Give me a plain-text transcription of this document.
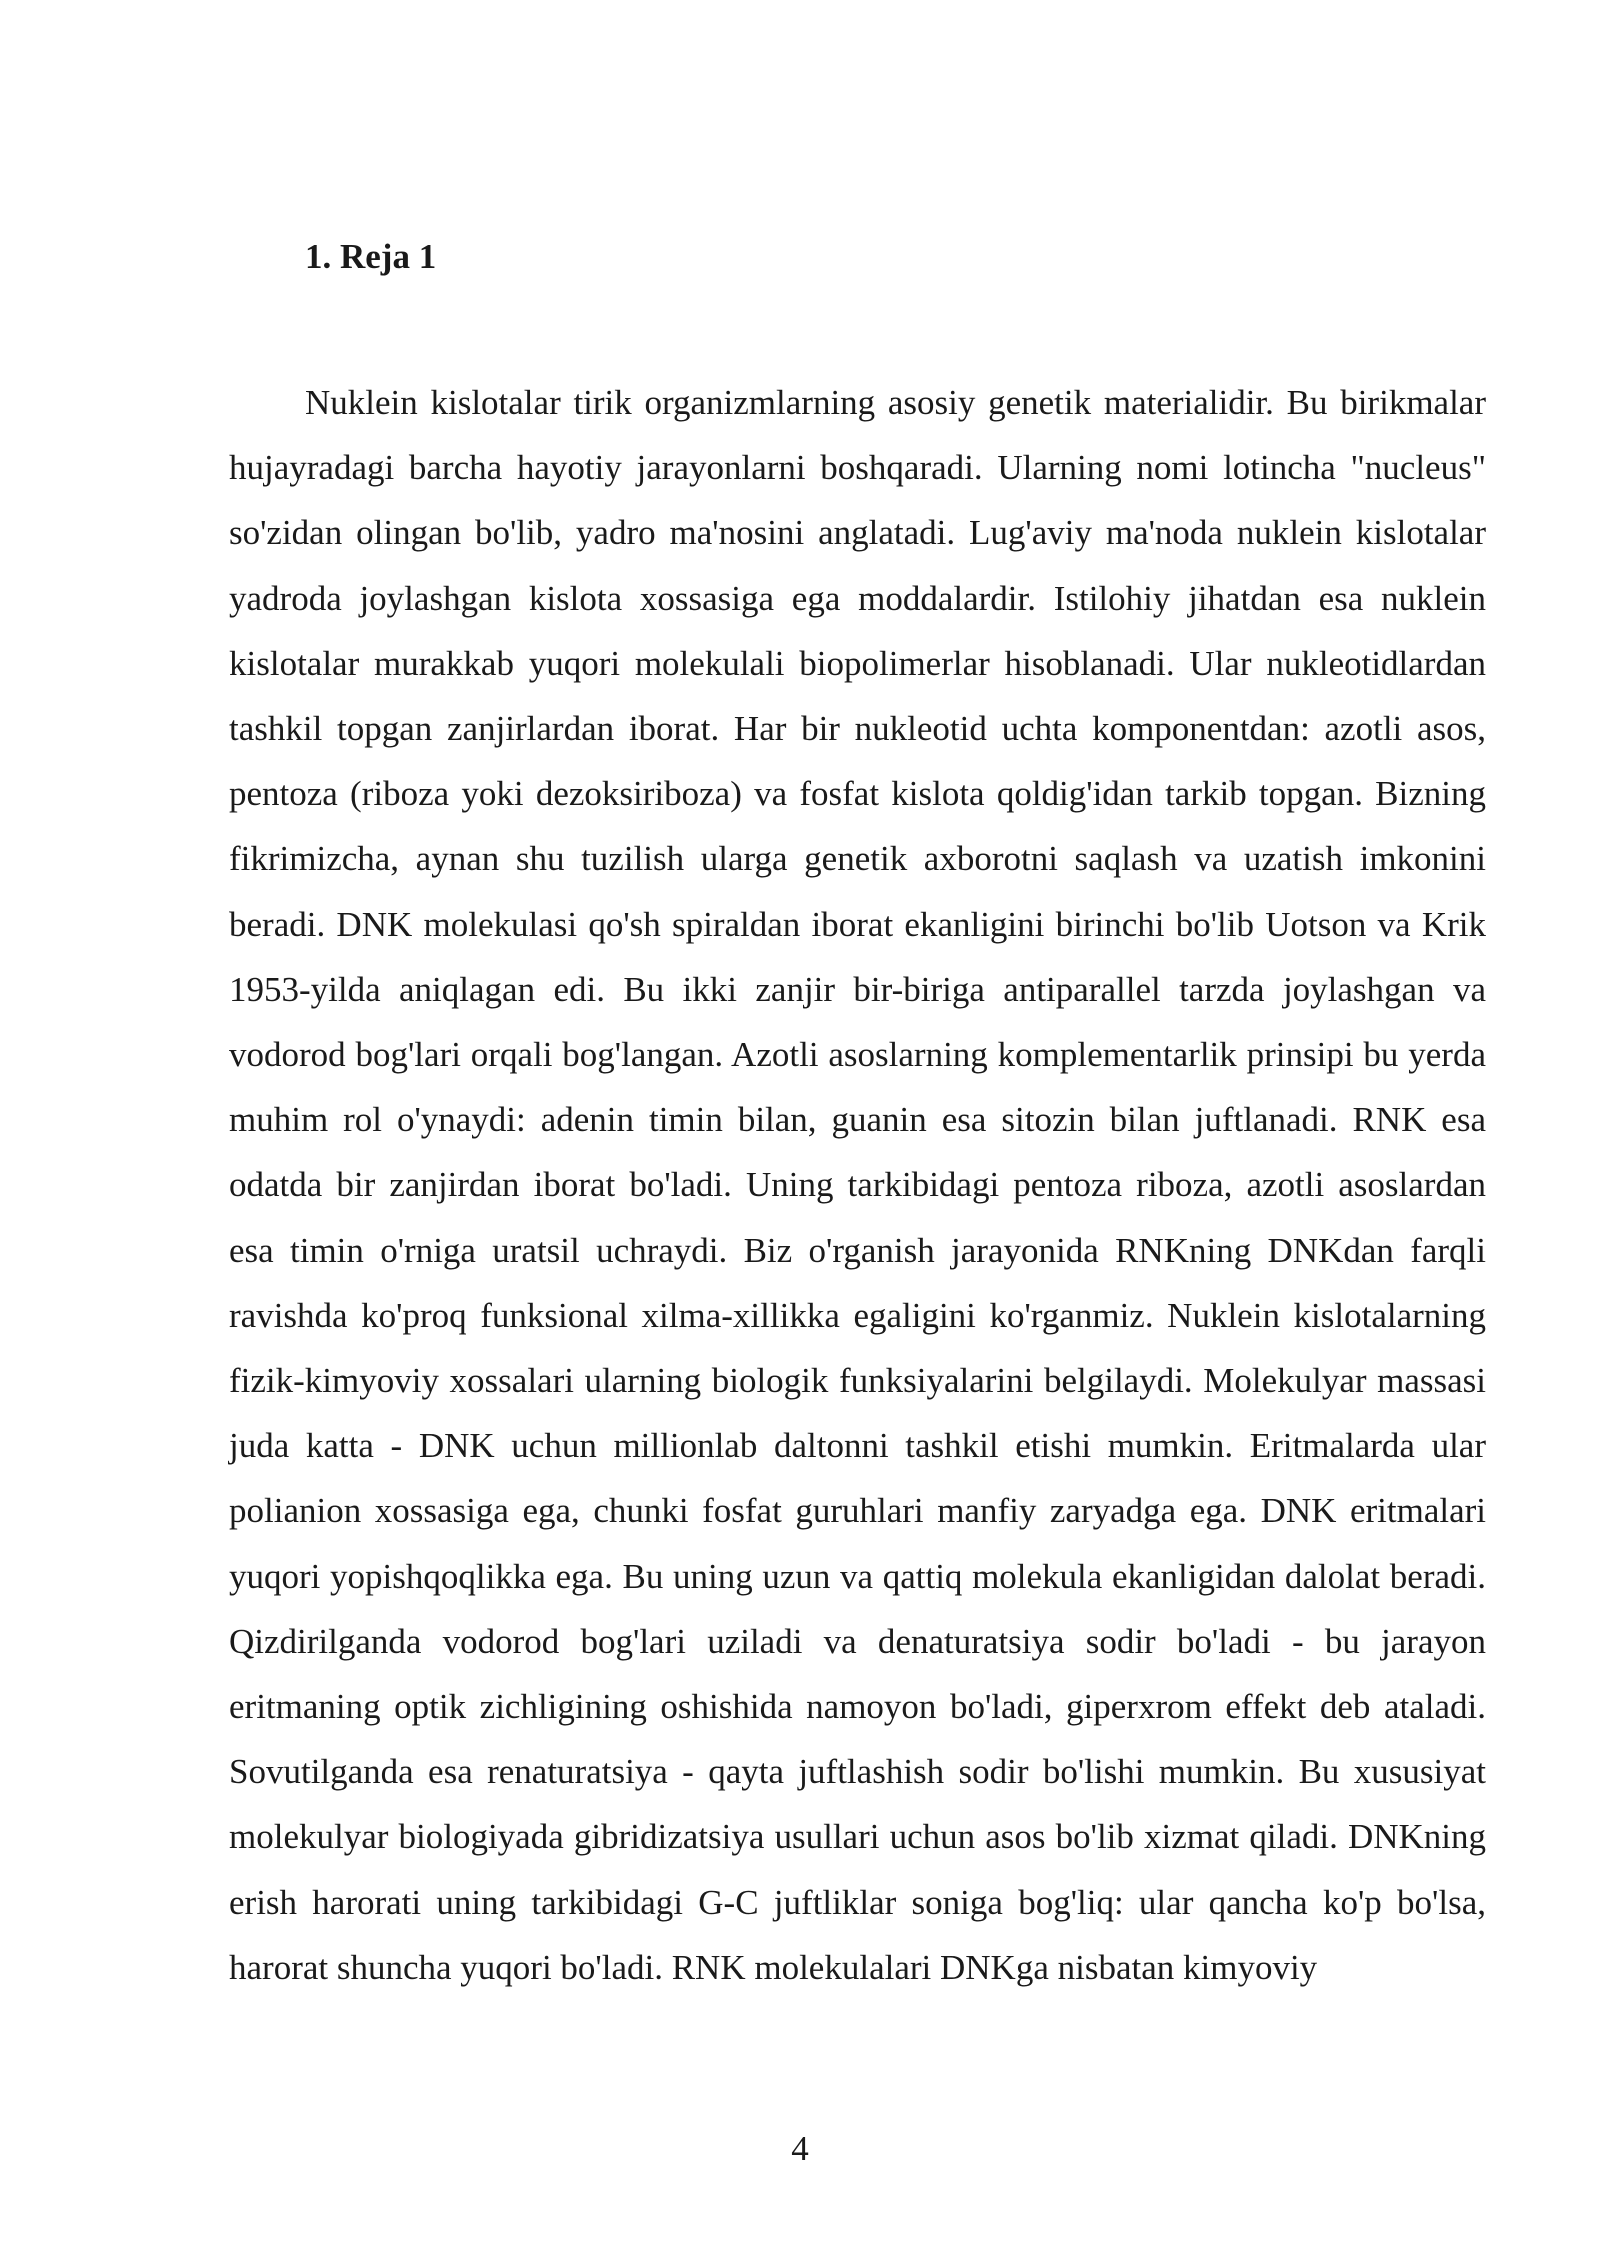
1. Reja 1

Nuklein kislotalar tirik organizmlarning asosiy genetik materialidir. Bu birikmalar hujayradagi barcha hayotiy jarayonlarni boshqaradi. Ularning nomi lotincha "nucleus" so'zidan olingan bo'lib, yadro ma'nosini anglatadi. Lug'aviy ma'noda nuklein kislotalar yadroda joylashgan kislota xossasiga ega moddalardir. Istilohiy jihatdan esa nuklein kislotalar murakkab yuqori molekulali biopolimerlar hisoblanadi. Ular nukleotidlardan tashkil topgan zanjirlardan iborat. Har bir nukleotid uchta komponentdan: azotli asos, pentoza (riboza yoki dezoksiriboza) va fosfat kislota qoldig'idan tarkib topgan. Bizning fikrimizcha, aynan shu tuzilish ularga genetik axborotni saqlash va uzatish imkonini beradi. DNK molekulasi qo'sh spiraldan iborat ekanligini birinchi bo'lib Uotson va Krik 1953-yilda aniqlagan edi. Bu ikki zanjir bir-biriga antiparallel tarzda joylashgan va vodorod bog'lari orqali bog'langan. Azotli asoslarning komplementarlik prinsipi bu yerda muhim rol o'ynaydi: adenin timin bilan, guanin esa sitozin bilan juftlanadi. RNK esa odatda bir zanjirdan iborat bo'ladi. Uning tarkibidagi pentoza riboza, azotli asoslardan esa timin o'rniga uratsil uchraydi. Biz o'rganish jarayonida RNKning DNKdan farqli ravishda ko'proq funksional xilma-xillikka egaligini ko'rganmiz. Nuklein kislotalarning fizik-kimyoviy xossalari ularning biologik funksiyalarini belgilaydi. Molekulyar massasi juda katta - DNK uchun millionlab daltonni tashkil etishi mumkin. Eritmalarda ular polianion xossasiga ega, chunki fosfat guruhlari manfiy zaryadga ega. DNK eritmalari yuqori yopishqoqlikka ega. Bu uning uzun va qattiq molekula ekanligidan dalolat beradi. Qizdirilganda vodorod bog'lari uziladi va denaturatsiya sodir bo'ladi - bu jarayon eritmaning optik zichligining oshishida namoyon bo'ladi, giperxrom effekt deb ataladi. Sovutilganda esa renaturatsiya - qayta juftlashish sodir bo'lishi mumkin. Bu xususiyat molekulyar biologiyada gibridizatsiya usullari uchun asos bo'lib xizmat qiladi. DNKning erish harorati uning tarkibidagi G-C juftliklar soniga bog'liq: ular qancha ko'p bo'lsa, harorat shuncha yuqori bo'ladi. RNK molekulalari DNKga nisbatan kimyoviy

4
